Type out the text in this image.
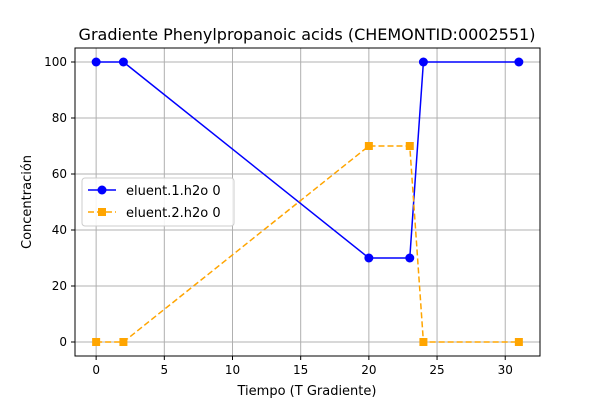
Gradiente Phenylpropanoic acids (CHEMONTID:0002551)
0	5	10	15	20	25	30
0
20
40
60
80
100
Tiempo (T Gradiente)
Concentración	eluent.1.h2o 0
eluent.2.h2o 0
